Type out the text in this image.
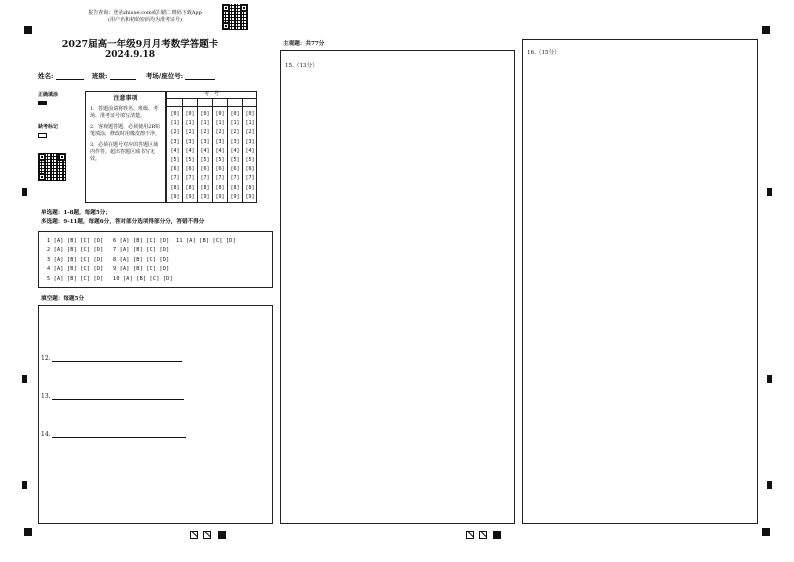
报告查询：登录zhixue.com或扫描二维码下载App
(用户名和初始密码均为准考证号)
2027届高一年级9月月考数学答题卡
2024.9.18
姓名:	班级:	考场/座位号:
正确填涂
缺考标记
注意事项
1．答题前请将姓名、班级、考场、准考证号填写清楚。
2．客观题答题，必须使用2B铅笔填涂，修改时用橡皮擦干净。
3．必须在题号对应的答题区域内作答，超出答题区域书写无效。
考　号
[0]
[1]
[2]
[3]
[4]
[5]
[6]
[7]
[8]
[9]
[0]
[1]
[2]
[3]
[4]
[5]
[6]
[7]
[8]
[9]
[0]
[1]
[2]
[3]
[4]
[5]
[6]
[7]
[8]
[9]
[0]
[1]
[2]
[3]
[4]
[5]
[6]
[7]
[8]
[9]
[0]
[1]
[2]
[3]
[4]
[5]
[6]
[7]
[8]
[9]
[0]
[1]
[2]
[3]
[4]
[5]
[6]
[7]
[8]
[9]
单选题：1-8题，每题5分；
多选题：9-11题，每题6分，答对部分选项得部分分，答错不得分
1 [A] [B] [C] [D]
2 [A] [B] [C] [D]
3 [A] [B] [C] [D]
4 [A] [B] [C] [D]
5 [A] [B] [C] [D]
6 [A] [B] [C] [D]
7 [A] [B] [C] [D]
8 [A] [B] [C] [D]
9 [A] [B] [C] [D]
10 [A] [B] [C] [D]
11 [A] [B] [C] [D]
填空题：每题5分
12.
13.
14.
主观题：共77分
15.（13分）
16.（15分）
